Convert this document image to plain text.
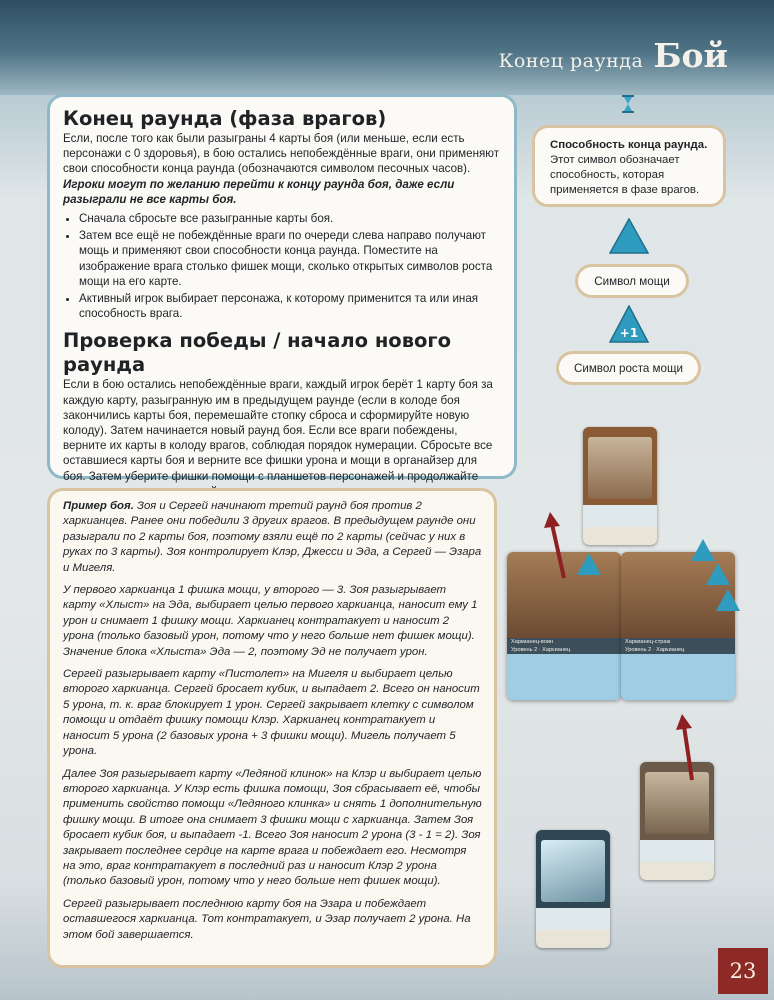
Конец раунда Бой
Конец раунда (фаза врагов)

Если, после того как были разыграны 4 карты боя (или меньше, если есть персонажи с 0 здоровья), в бою остались непобеждённые враги, они применяют свои способности конца раунда (обозначаются символом песочных часов).

Игроки могут по желанию перейти к концу раунда боя, даже если разыграли не все карты боя.

• Сначала сбросьте все разыгранные карты боя.
• Затем все ещё не побеждённые враги по очереди слева направо получают мощь и применяют свои способности конца раунда. Поместите на изображение врага столько фишек мощи, сколько открытых символов роста мощи на его карте.
• Активный игрок выбирает персонажа, к которому применится та или иная способность врага.
Проверка победы / начало нового раунда

Если в бою остались непобеждённые враги, каждый игрок берёт 1 карту боя за каждую карту, разыгранную им в предыдущем раунде (если в колоде боя закончились карты боя, перемешайте стопку сброса и сформируйте новую колоду). Затем начинается новый раунд боя. Если все враги побеждены, верните их карты в колоду врагов, соблюдая порядок нумерации. Сбросьте все оставшиеся карты боя и верните все фишки урона и мощи в органайзер для боя. Затем уберите фишки помощи с планшетов персонажей и продолжайте

Способность конца раунда.
Этот символ обозначает способность, которая применяется в фазе врагов.
Символ мощи
+1
Символ роста мощи

Пример боя. Зоя и Сергей начинают третий раунд боя против 2 харкианцев. Ранее они победили 3 других врагов. В предыдущем раунде они разыграли по 2 карты боя, поэтому взяли ещё по 2 карты (сейчас у них в руках по 3 карты). Зоя контролирует Клэр, Джесси и Эда, а Сергей — Эзара и Мигеля.

У первого харкианца 1 фишка мощи, у второго — 3. Зоя разыгрывает карту «Хлыст» на Эда, выбирает целью первого харкианца, наносит ему 1 урон и снимает 1 фишку мощи. Харкианец контратакует и наносит 2 урона (только базовый урон, потому что у него больше нет фишек мощи). Значение блока «Хлыста» Эда — 2, поэтому Эд не получает урон.

Сергей разыгрывает карту «Пистолет» на Мигеля и выбирает целью второго харкианца. Сергей бросает кубик, и выпадает 2. Всего он наносит 5 урона, т. к. враг блокирует 1 урон. Сергей закрывает клетку с символом помощи и отдаёт фишку помощи Клэр. Харкианец контратакует и наносит 5 урона (2 базовых урона + 3 фишки мощи). Мигель получает 5 урона.

Далее Зоя разыгрывает карту «Ледяной клинок» на Клэр и выбирает целью второго харкианца. У Клэр есть фишка помощи, Зоя сбрасывает её, чтобы применить свойство помощи «Ледяного клинка» и снять 1 дополнительную фишку мощи. В итоге она снимает 3 фишки мощи с харкианца. Затем Зоя бросает кубик боя, и выпадает -1. Всего Зоя наносит 2 урона (3 - 1 = 2). Зоя закрывает последнее сердце на карте врага и побеждает его. Несмотря на это, враг контратакует в последний раз и наносит Клэр 2 урона (только базовый урон, потому что у него больше нет фишек мощи).

Сергей разыгрывает последнюю карту боя на Эзара и побеждает оставшегося харкианца. Тот контратакует, и Эзар получает 2 урона. На этом бой завершается.

Харкианец-воин
Уровень 2 · Харкианец
Харкианец-страж
Уровень 2 · Харкианец
23
